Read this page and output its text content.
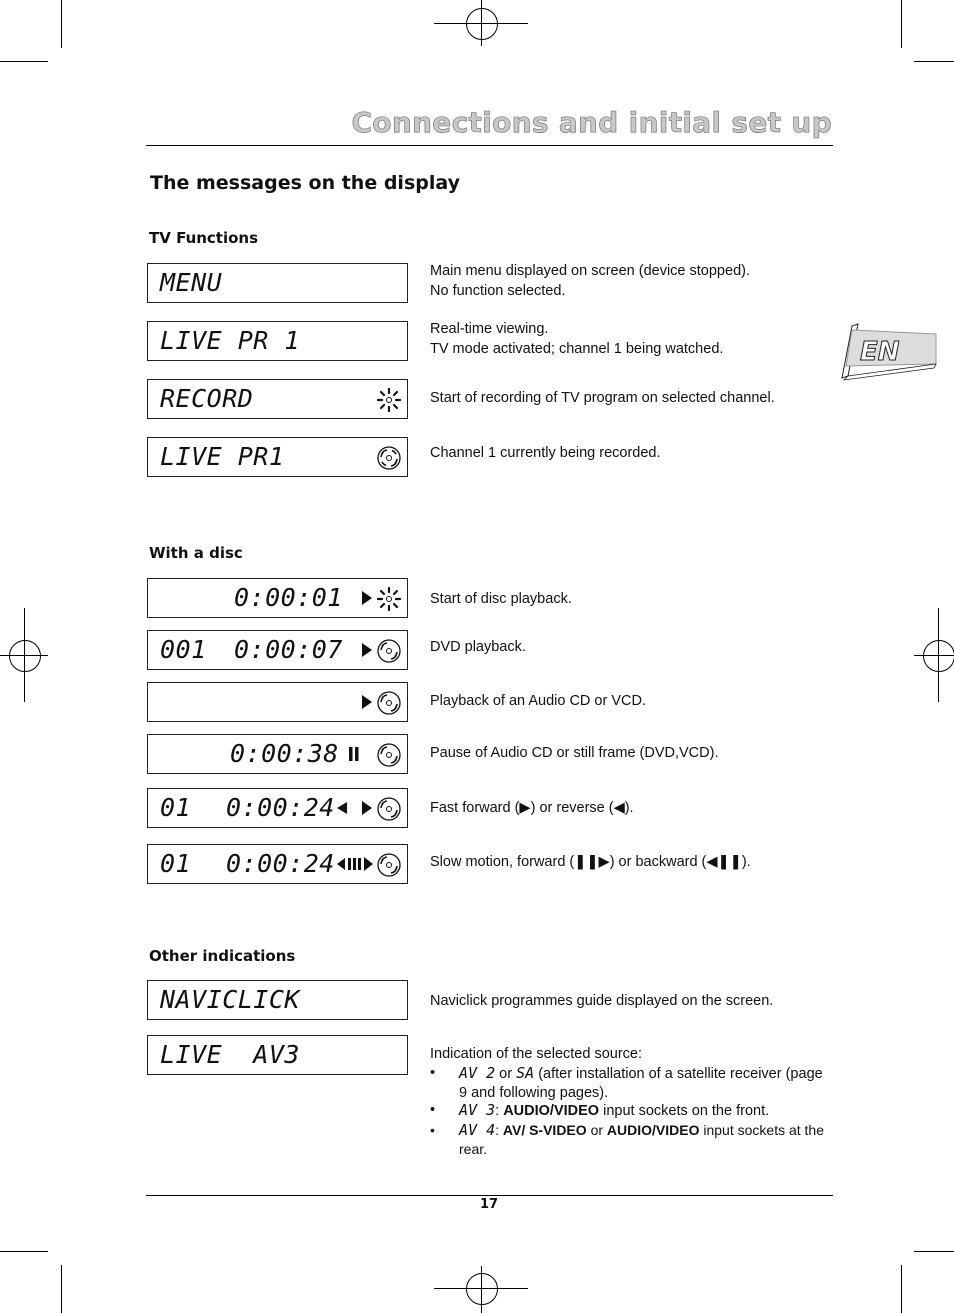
Connections and initial set up
The messages on the display
EN
TV Functions
MENU	Main menu displayed on screen (device stopped).
No function selected.
LIVE PR 1	Real-time viewing.
TV mode activated; channel 1 being watched.
RECORD	Start of recording of TV program on selected channel.
LIVE PR1	Channel 1 currently being recorded.
With a disc
0:00:01	Start of disc playback.
001 0:00:07	DVD playback.
Playback of an Audio CD or VCD.
0:00:38	Pause of Audio CD or still frame (DVD,VCD).
01 0:00:24	Fast forward (▶) or reverse (◀).
01 0:00:24	Slow motion, forward (❚❚▶) or backward (◀❚❚).
Other indications
NAVICLICK	Naviclick programmes guide displayed on the screen.
LIVE  AV3	Indication of the selected source:
• AV 2 or SA (after installation of a satellite receiver (page 9 and following pages).
• AV 3: AUDIO/VIDEO input sockets on the front.
• AV 4: AV/ S-VIDEO or AUDIO/VIDEO input sockets at the rear.
17
